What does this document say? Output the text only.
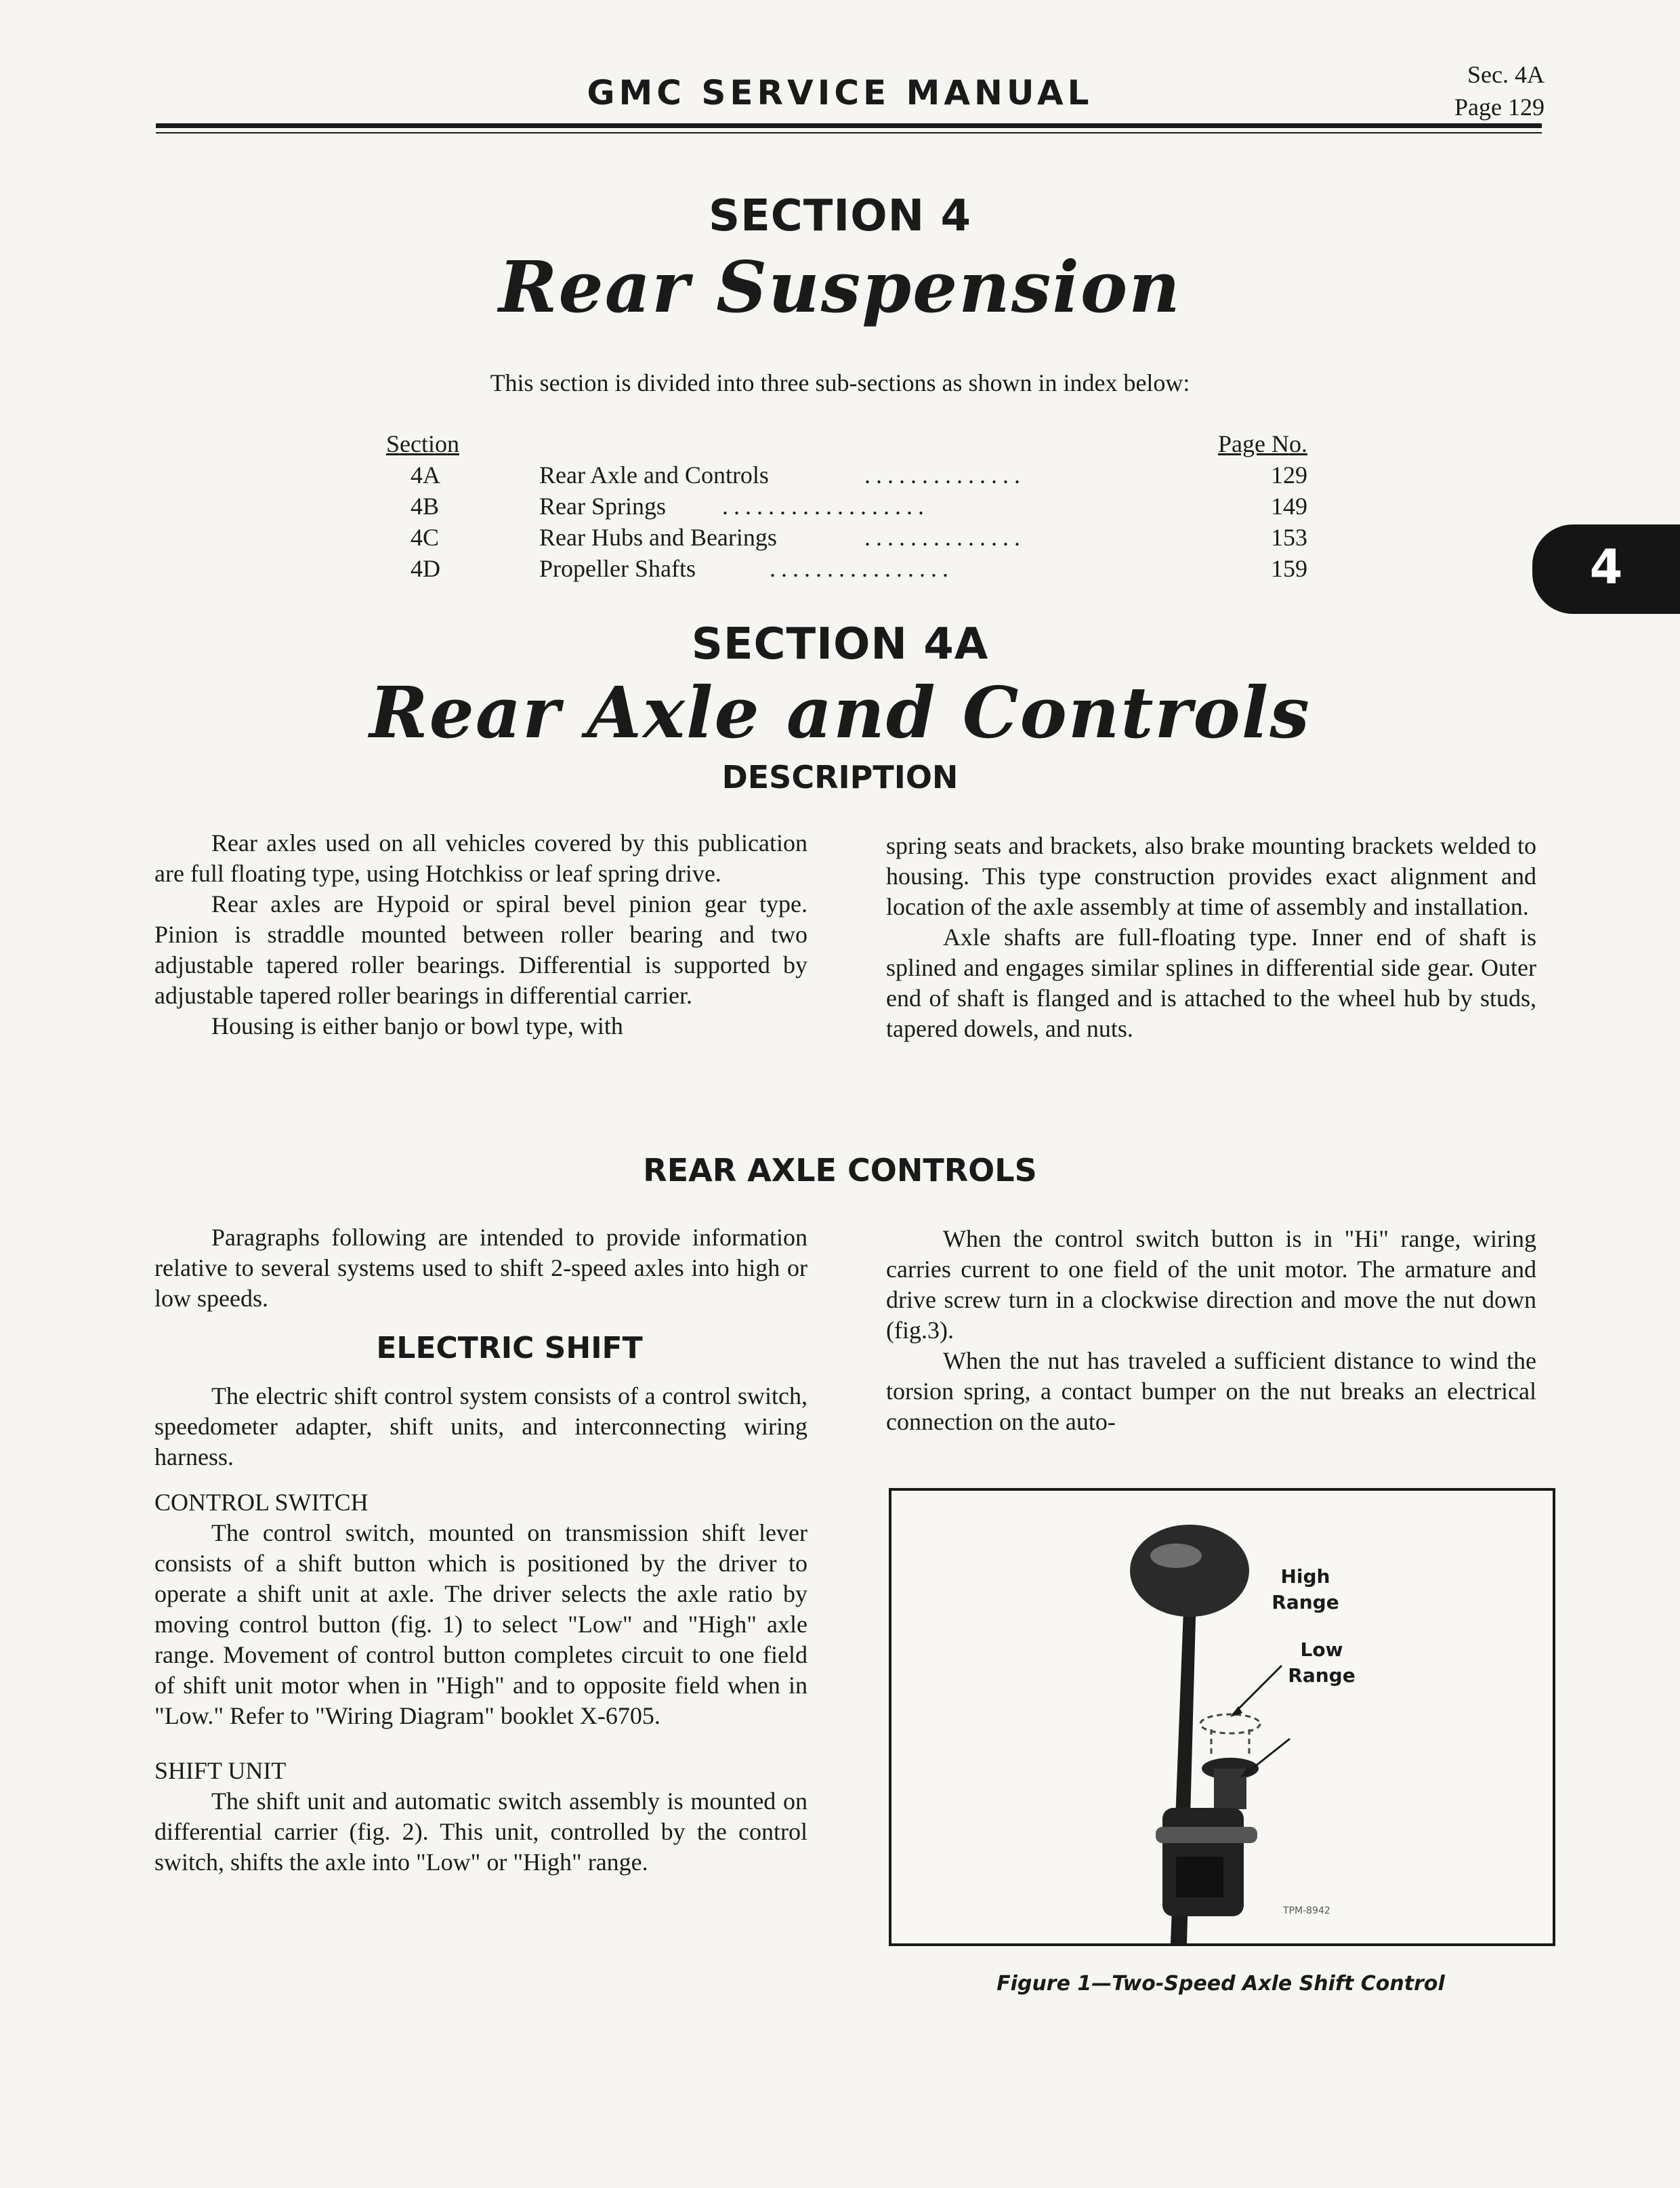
GMC SERVICE MANUAL	Sec. 4A
Page 129
SECTION 4
Rear Suspension
This section is divided into three sub-sections as shown in index below:
Section	Page No.
4A	Rear Axle and Controls	..............	129
4B	Rear Springs ..................	149
4C	Rear Hubs and Bearings	..............	153
4D	Propeller Shafts	................	159	4
SECTION 4A
Rear Axle and Controls
DESCRIPTION

Rear axles used on all vehicles covered by this publication are full floating type, using Hotchkiss or leaf spring drive.

Rear axles are Hypoid or spiral bevel pinion gear type. Pinion is straddle mounted between roller bearing and two adjustable tapered roller bearings. Differential is supported by adjustable tapered roller bearings in differential carrier.

Housing is either banjo or bowl type, with

spring seats and brackets, also brake mounting brackets welded to housing. This type construction provides exact alignment and location of the axle assembly at time of assembly and installation.

Axle shafts are full-floating type. Inner end of shaft is splined and engages similar splines in differential side gear. Outer end of shaft is flanged and is attached to the wheel hub by studs, tapered dowels, and nuts.

REAR AXLE CONTROLS

Paragraphs following are intended to provide information relative to several systems used to shift 2-speed axles into high or low speeds.

ELECTRIC SHIFT

The electric shift control system consists of a control switch, speedometer adapter, shift units, and interconnecting wiring harness.

CONTROL SWITCH

The control switch, mounted on transmission shift lever consists of a shift button which is positioned by the driver to operate a shift unit at axle. The driver selects the axle ratio by moving control button (fig. 1) to select "Low" and "High" axle range. Movement of control button completes circuit to one field of shift unit motor when in "High" and to opposite field when in "Low." Refer to "Wiring Diagram" booklet X-6705.

SHIFT UNIT

The shift unit and automatic switch assembly is mounted on differential carrier (fig. 2). This unit, controlled by the control switch, shifts the axle into "Low" or "High" range.

When the control switch button is in "Hi" range, wiring carries current to one field of the unit motor. The armature and drive screw turn in a clockwise direction and move the nut down (fig.3).

When the nut has traveled a sufficient distance to wind the torsion spring, a contact bumper on the nut breaks an electrical connection on the auto-

High
Range
Low
Range
TPM-8942
Figure 1—Two-Speed Axle Shift Control
